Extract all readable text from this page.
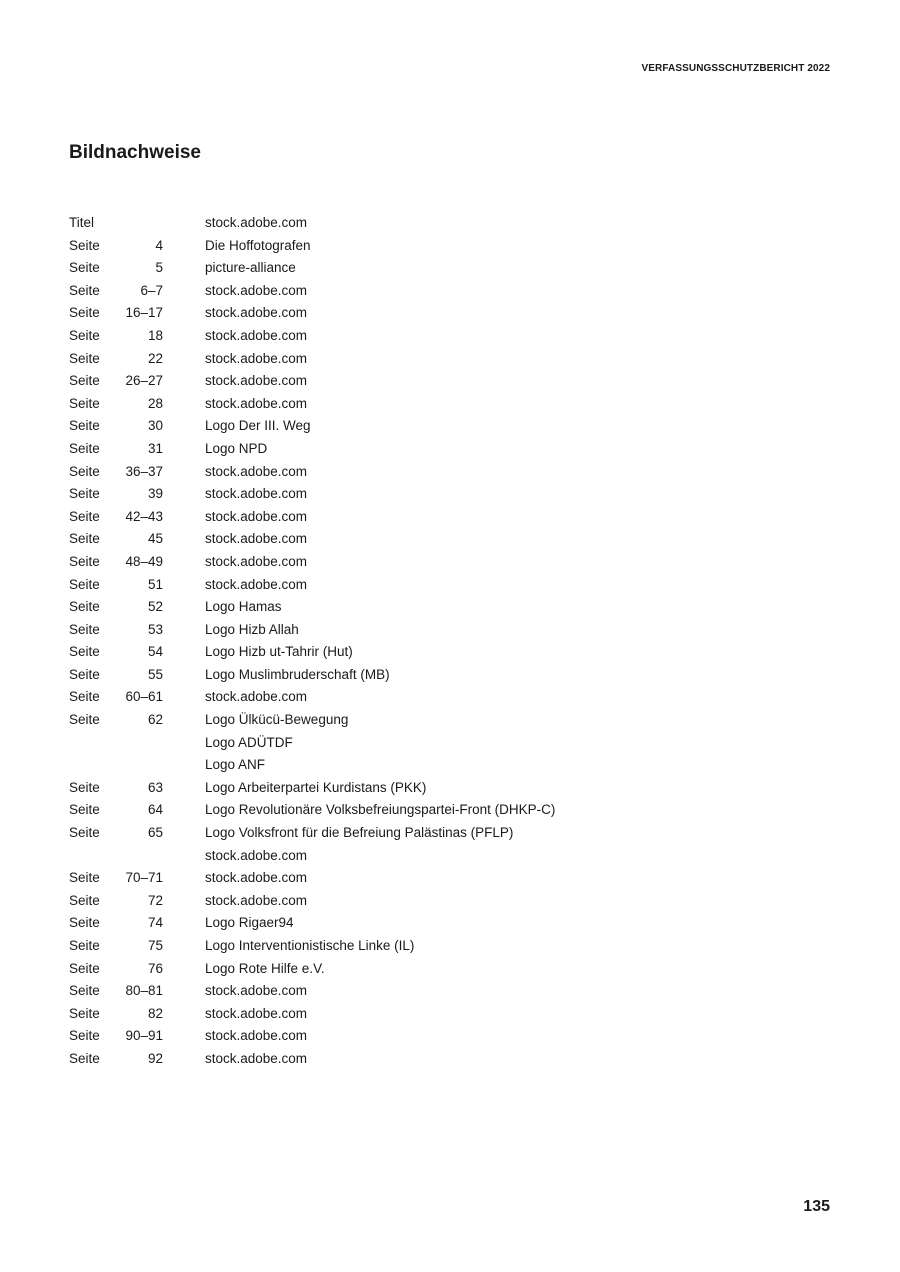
VERFASSUNGSSCHUTZBERICHT 2022
Bildnachweise
Titel	stock.adobe.com
Seite	4	Die Hoffotografen
Seite	5	picture-alliance
Seite	6–7	stock.adobe.com
Seite	16–17	stock.adobe.com
Seite	18	stock.adobe.com
Seite	22	stock.adobe.com
Seite	26–27	stock.adobe.com
Seite	28	stock.adobe.com
Seite	30	Logo Der III. Weg
Seite	31	Logo NPD
Seite	36–37	stock.adobe.com
Seite	39	stock.adobe.com
Seite	42–43	stock.adobe.com
Seite	45	stock.adobe.com
Seite	48–49	stock.adobe.com
Seite	51	stock.adobe.com
Seite	52	Logo Hamas
Seite	53	Logo Hizb Allah
Seite	54	Logo Hizb ut-Tahrir (Hut)
Seite	55	Logo Muslimbruderschaft (MB)
Seite	60–61	stock.adobe.com
Seite	62	Logo Ülkücü-Bewegung
Logo ADÜTDF
Logo ANF
Seite	63	Logo Arbeiterpartei Kurdistans (PKK)
Seite	64	Logo Revolutionäre Volksbefreiungspartei-Front (DHKP-C)
Seite	65	Logo Volksfront für die Befreiung Palästinas (PFLP)
stock.adobe.com
Seite	70–71	stock.adobe.com
Seite	72	stock.adobe.com
Seite	74	Logo Rigaer94
Seite	75	Logo Interventionistische Linke (IL)
Seite	76	Logo Rote Hilfe e.V.
Seite	80–81	stock.adobe.com
Seite	82	stock.adobe.com
Seite	90–91	stock.adobe.com
Seite	92	stock.adobe.com
135
